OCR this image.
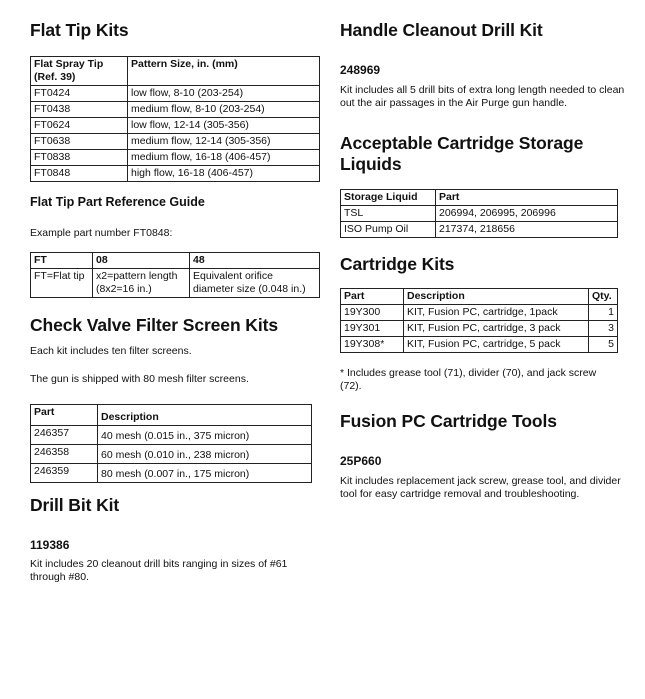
Flat Tip Kits
Flat Spray Tip (Ref. 39)	Pattern Size, in. (mm)
FT0424	low flow, 8-10 (203-254)
FT0438	medium flow, 8-10 (203-254)
FT0624	low flow, 12-14 (305-356)
FT0638	medium flow, 12-14 (305-356)
FT0838	medium flow, 16-18 (406-457)
FT0848	high flow, 16-18 (406-457)
Flat Tip Part Reference Guide

Example part number FT0848:

FT	08	48
FT=Flat tip	x2=pattern length (8x2=16 in.)	Equivalent orifice diameter size (0.048 in.)
Check Valve Filter Screen Kits

Each kit includes ten filter screens.

The gun is shipped with 80 mesh filter screens.

Part	Description
246357	40 mesh (0.015 in., 375 micron)
246358	60 mesh (0.010 in., 238 micron)
246359	80 mesh (0.007 in., 175 micron)
Drill Bit Kit

119386

Kit includes 20 cleanout drill bits ranging in sizes of #61 through #80.

Handle Cleanout Drill Kit

248969

Kit includes all 5 drill bits of extra long length needed to clean out the air passages in the Air Purge gun handle.

Acceptable Cartridge Storage Liquids
Storage Liquid	Part
TSL	206994, 206995, 206996
ISO Pump Oil	217374, 218656
Cartridge Kits
Part	Description	Qty.
19Y300	KIT, Fusion PC, cartridge, 1pack	1
19Y301	KIT, Fusion PC, cartridge, 3 pack	3
19Y308*	KIT, Fusion PC, cartridge, 5 pack	5

* Includes grease tool (71), divider (70), and jack screw (72).

Fusion PC Cartridge Tools

25P660

Kit includes replacement jack screw, grease tool, and divider tool for easy cartridge removal and troubleshooting.
